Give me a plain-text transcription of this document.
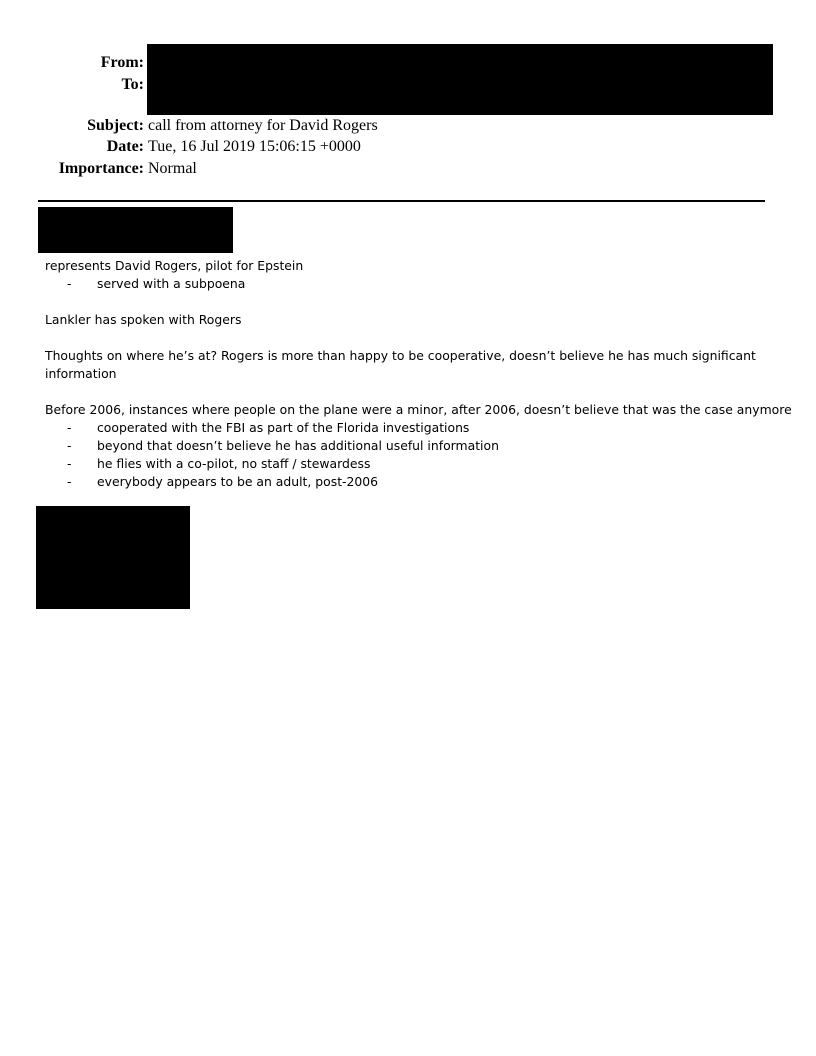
From:
To:
Subject: call from attorney for David Rogers
Date: Tue, 16 Jul 2019 15:06:15 +0000
Importance: Normal
represents David Rogers, pilot for Epstein
- served with a subpoena
Lankler has spoken with Rogers
Thoughts on where he’s at? Rogers is more than happy to be cooperative, doesn’t believe he has much significant information
Before 2006, instances where people on the plane were a minor, after 2006, doesn’t believe that was the case anymore
- cooperated with the FBI as part of the Florida investigations
- beyond that doesn’t believe he has additional useful information
- he flies with a co-pilot, no staff / stewardess
- everybody appears to be an adult, post-2006
